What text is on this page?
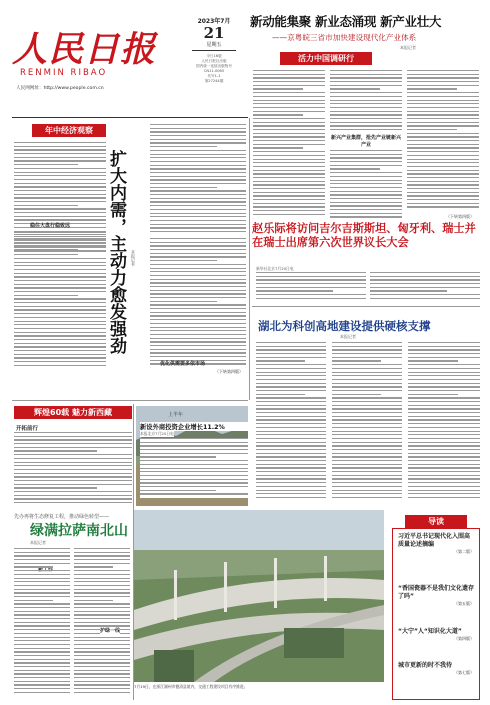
人民日报
RENMIN RIBAO
人民网网址：http://www.people.com.cn
2023年7月
21
星期五
今日16版
人民日报社出版
国内统一连续出版物号
CN11-0065
代号1-1
第27244期
新动能集聚 新业态涌现 新产业壮大
——京粤皖三省市加快建设现代化产业体系
本报记者
活力中国调研行
新兴产业集群，抢先产业链新兴产业
（下转第四版）
年中经济观察
稳住大盘行稳致远 扩大内需，主动力愈发强劲 本报记者
优化供需要多依市场
（下转第四版）
赵乐际将访问吉尔吉斯斯坦、匈牙利、瑞士并在瑞士出席第六次世界议长大会
新华社北京7月20日电
湖北为科创高地建设提供硬核支撑
本报记者
辉煌60载 魅力新西藏
开拓前行
先办再将生态修复工程，推动绿色转型——
绿满拉萨南北山
本报记者
护绿一线
上半年
新设外商投资企业增长11.2%
本报北京7月20日电
7月19日，在浙江湖州市德清县境内，交通工程建设项目有序推进。
导读
习近平总书记现代化入围高质量论述摘编
（第二版）
“香国瓷器不是我们文化遗存了吗”
（第五版）
“大宁”人“知识化大道”
（第四版）
城市更新的时不我待
（第七版）
